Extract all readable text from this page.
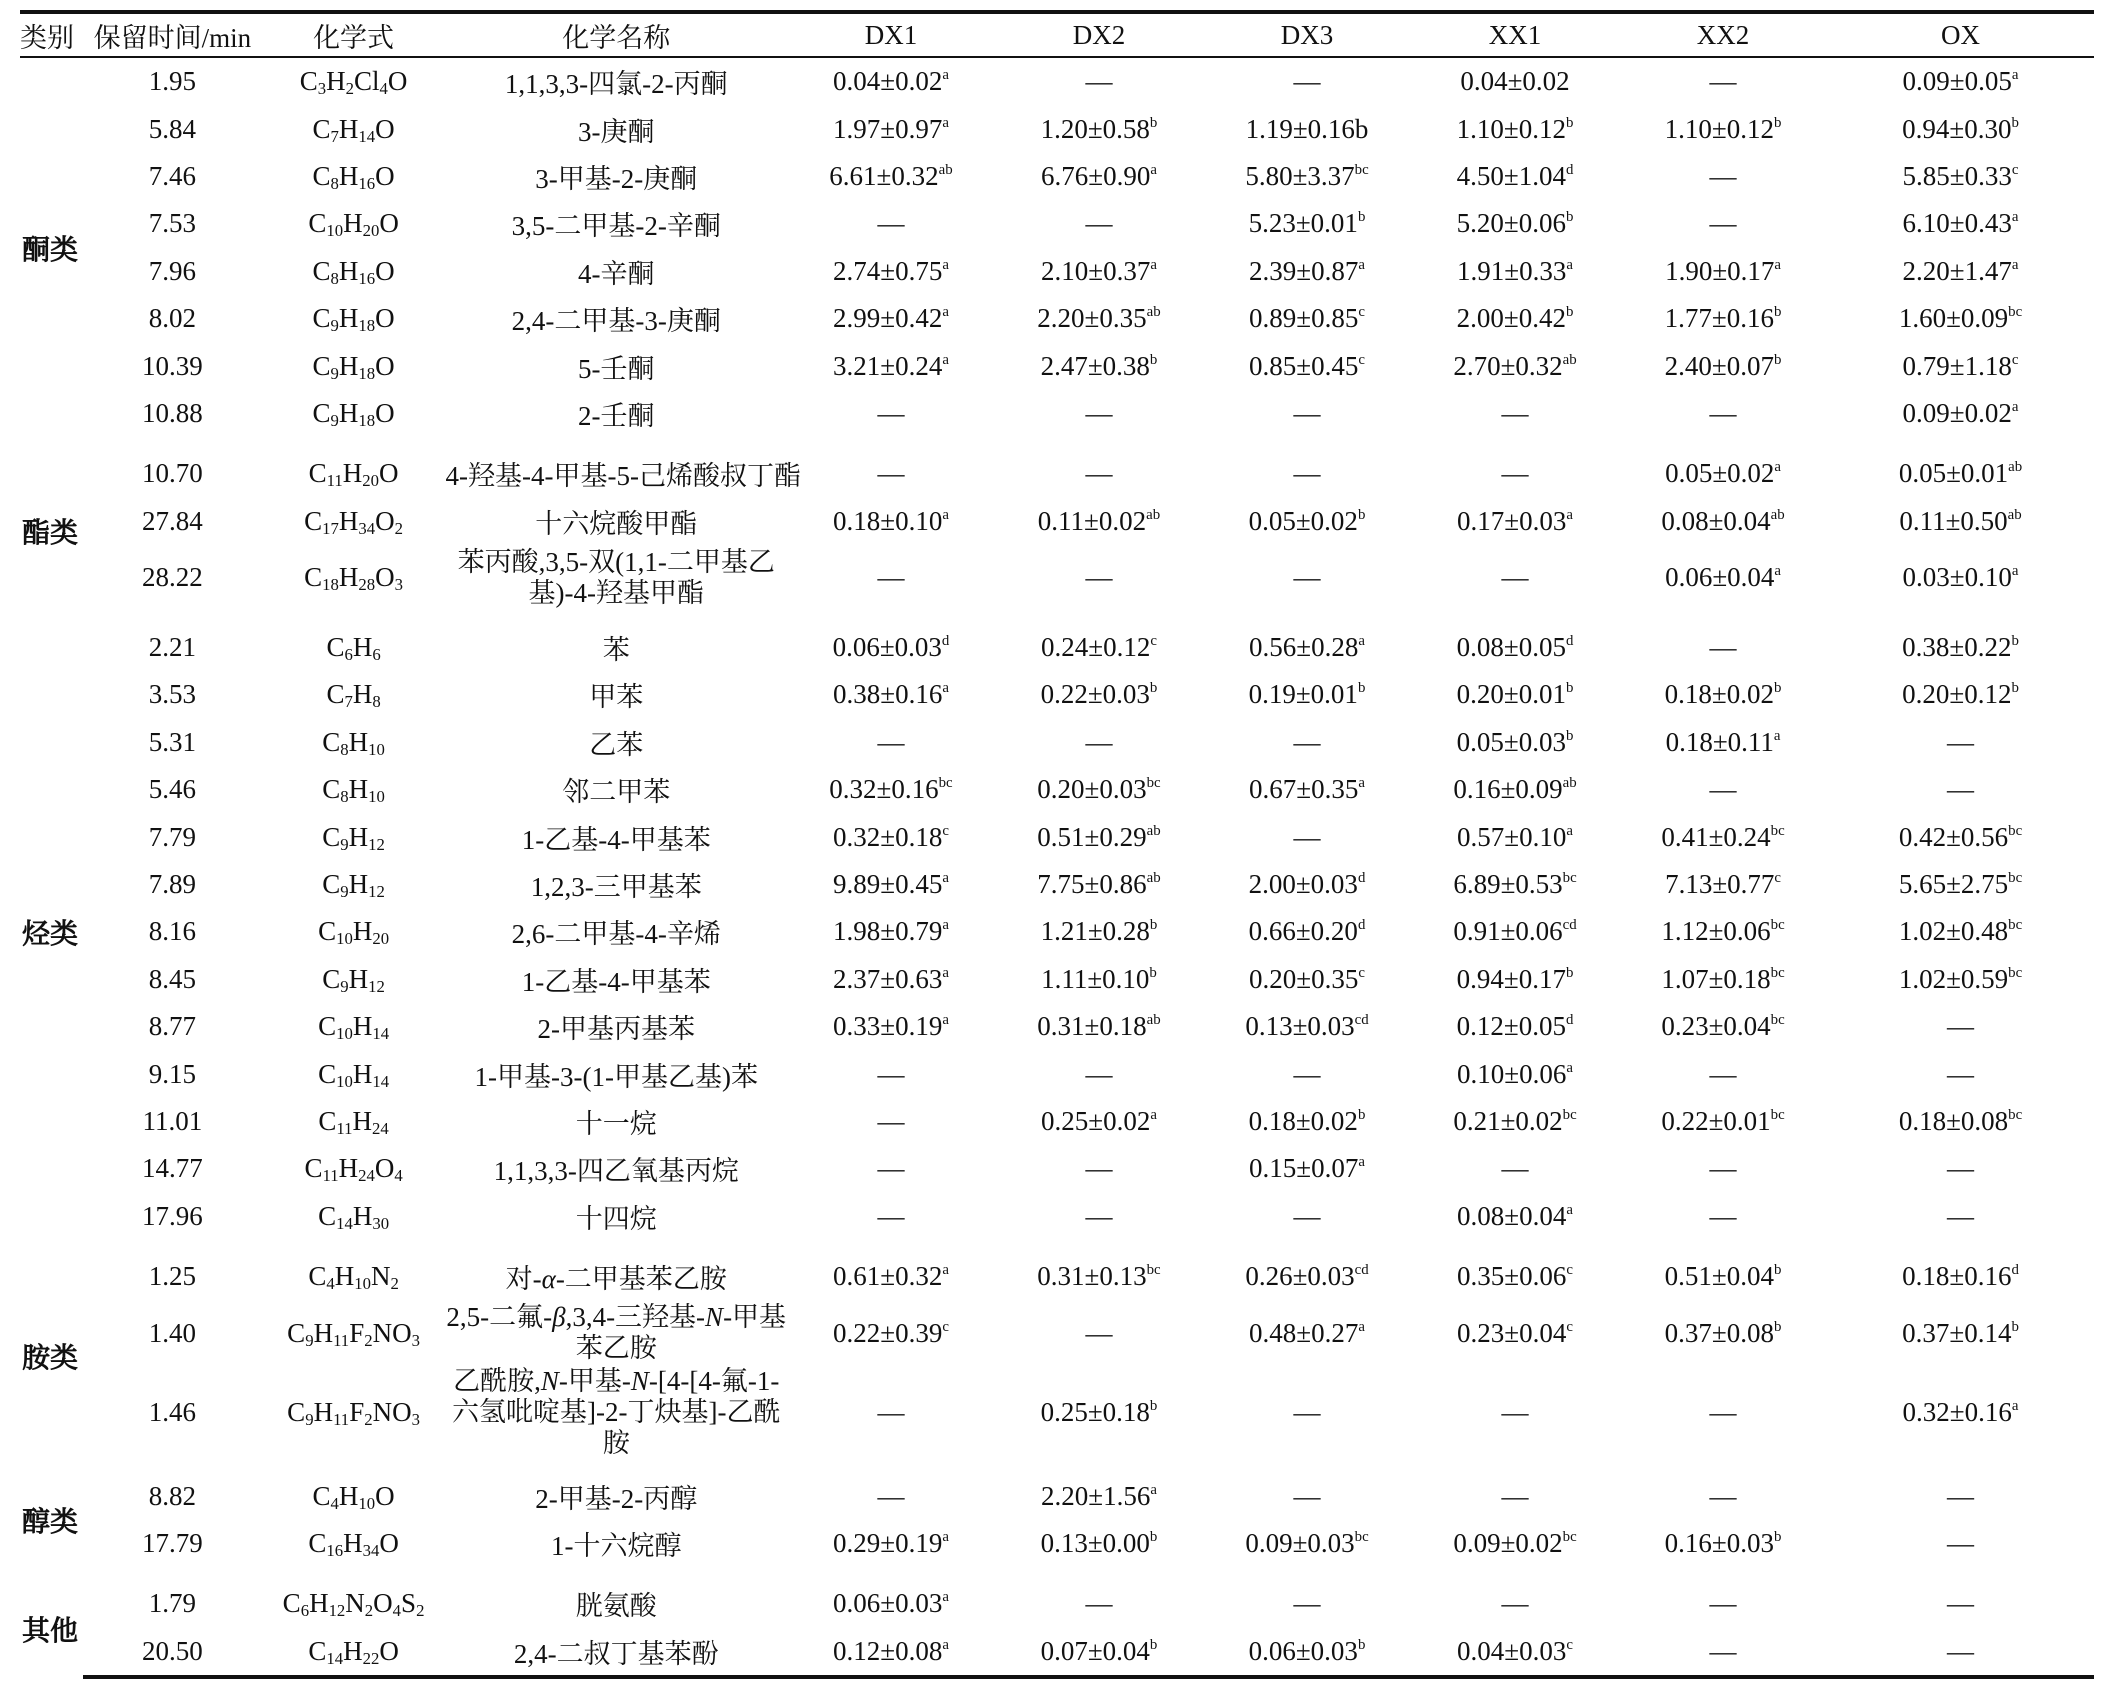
类别	保留时间/min	化学式	化学名称	DX1	DX2	DX3	XX1	XX2	OX
酮类	1.95	$C_3H_2Cl_4O$	1,1,3,3-四氯-2-丙酮	0.04±0.02$^a$	—	—	0.04±0.02	—	0.09±0.05$^a$
	5.84	$C_7H_{14}O$	3-庚酮	1.97±0.97$^a$	1.20±0.58$^b$	1.19±0.16b	1.10±0.12$^b$	1.10±0.12$^b$	0.94±0.30$^b$
	7.46	$C_8H_{16}O$	3-甲基-2-庚酮	6.61±0.32$^{ab}$	6.76±0.90$^a$	5.80±3.37$^{bc}$	4.50±1.04$^d$	—	5.85±0.33$^c$
	7.53	$C_{10}H_{20}O$	3,5-二甲基-2-辛酮	—	—	5.23±0.01$^b$	5.20±0.06$^b$	—	6.10±0.43$^a$
	7.96	$C_8H_{16}O$	4-辛酮	2.74±0.75$^a$	2.10±0.37$^a$	2.39±0.87$^a$	1.91±0.33$^a$	1.90±0.17$^a$	2.20±1.47$^a$
	8.02	$C_9H_{18}O$	2,4-二甲基-3-庚酮	2.99±0.42$^a$	2.20±0.35$^{ab}$	0.89±0.85$^c$	2.00±0.42$^b$	1.77±0.16$^b$	1.60±0.09$^{bc}$
	10.39	$C_9H_{18}O$	5-壬酮	3.21±0.24$^a$	2.47±0.38$^b$	0.85±0.45$^c$	2.70±0.32$^{ab}$	2.40±0.07$^b$	0.79±1.18$^c$
	10.88	$C_9H_{18}O$	2-壬酮	—	—	—	—	—	0.09±0.02$^a$
酯类	10.70	$C_{11}H_{20}O$	4-羟基-4-甲基-5-己烯酸叔丁酯	—	—	—	—	0.05±0.02$^a$	0.05±0.01$^{ab}$
	27.84	$C_{17}H_{34}O_2$	十六烷酸甲酯	0.18±0.10$^a$	0.11±0.02$^{ab}$	0.05±0.02$^b$	0.17±0.03$^a$	0.08±0.04$^{ab}$	0.11±0.50$^{ab}$
	28.22	$C_{18}H_{28}O_3$	苯丙酸,3,5-双(1,1-二甲基乙基)-4-羟基甲酯	—	—	—	—	0.06±0.04$^a$	0.03±0.10$^a$
烃类	2.21	$C_6H_6$	苯	0.06±0.03$^d$	0.24±0.12$^c$	0.56±0.28$^a$	0.08±0.05$^d$	—	0.38±0.22$^b$
	3.53	$C_7H_8$	甲苯	0.38±0.16$^a$	0.22±0.03$^b$	0.19±0.01$^b$	0.20±0.01$^b$	0.18±0.02$^b$	0.20±0.12$^b$
	5.31	$C_8H_{10}$	乙苯	—	—	—	0.05±0.03$^b$	0.18±0.11$^a$	—
	5.46	$C_8H_{10}$	邻二甲苯	0.32±0.16$^{bc}$	0.20±0.03$^{bc}$	0.67±0.35$^a$	0.16±0.09$^{ab}$	—	—
	7.79	$C_9H_{12}$	1-乙基-4-甲基苯	0.32±0.18$^c$	0.51±0.29$^{ab}$	—	0.57±0.10$^a$	0.41±0.24$^{bc}$	0.42±0.56$^{bc}$
	7.89	$C_9H_{12}$	1,2,3-三甲基苯	9.89±0.45$^a$	7.75±0.86$^{ab}$	2.00±0.03$^d$	6.89±0.53$^{bc}$	7.13±0.77$^c$	5.65±2.75$^{bc}$
	8.16	$C_{10}H_{20}$	2,6-二甲基-4-辛烯	1.98±0.79$^a$	1.21±0.28$^b$	0.66±0.20$^d$	0.91±0.06$^{cd}$	1.12±0.06$^{bc}$	1.02±0.48$^{bc}$
	8.45	$C_9H_{12}$	1-乙基-4-甲基苯	2.37±0.63$^a$	1.11±0.10$^b$	0.20±0.35$^c$	0.94±0.17$^b$	1.07±0.18$^{bc}$	1.02±0.59$^{bc}$
	8.77	$C_{10}H_{14}$	2-甲基丙基苯	0.33±0.19$^a$	0.31±0.18$^{ab}$	0.13±0.03$^{cd}$	0.12±0.05$^d$	0.23±0.04$^{bc}$	—
	9.15	$C_{10}H_{14}$	1-甲基-3-(1-甲基乙基)苯	—	—	—	0.10±0.06$^a$	—	—
	11.01	$C_{11}H_{24}$	十一烷	—	0.25±0.02$^a$	0.18±0.02$^b$	0.21±0.02$^{bc}$	0.22±0.01$^{bc}$	0.18±0.08$^{bc}$
	14.77	$C_{11}H_{24}O_4$	1,1,3,3-四乙氧基丙烷	—	—	0.15±0.07$^a$	—	—	—
	17.96	$C_{14}H_{30}$	十四烷	—	—	—	0.08±0.04$^a$	—	—
胺类	1.25	$C_4H_{10}N_2$	对-α-二甲基苯乙胺	0.61±0.32$^a$	0.31±0.13$^{bc}$	0.26±0.03$^{cd}$	0.35±0.06$^c$	0.51±0.04$^b$	0.18±0.16$^d$
	1.40	$C_9H_{11}F_2NO_3$	2,5-二氟-β,3,4-三羟基-N-甲基苯乙胺	0.22±0.39$^c$	—	0.48±0.27$^a$	0.23±0.04$^c$	0.37±0.08$^b$	0.37±0.14$^b$
	1.46	$C_9H_{11}F_2NO_3$	乙酰胺,N-甲基-N-[4-[4-氟-1-六氢吡啶基]-2-丁炔基]-乙酰胺	—	0.25±0.18$^b$	—	—	—	0.32±0.16$^a$
醇类	8.82	$C_4H_{10}O$	2-甲基-2-丙醇	—	2.20±1.56$^a$	—	—	—	—
	17.79	$C_{16}H_{34}O$	1-十六烷醇	0.29±0.19$^a$	0.13±0.00$^b$	0.09±0.03$^{bc}$	0.09±0.02$^{bc}$	0.16±0.03$^b$	—
其他	1.79	$C_6H_{12}N_2O_4S_2$	胱氨酸	0.06±0.03$^a$	—	—	—	—	—
	20.50	$C_{14}H_{22}O$	2,4-二叔丁基苯酚	0.12±0.08$^a$	0.07±0.04$^b$	0.06±0.03$^b$	0.04±0.03$^c$	—	—
